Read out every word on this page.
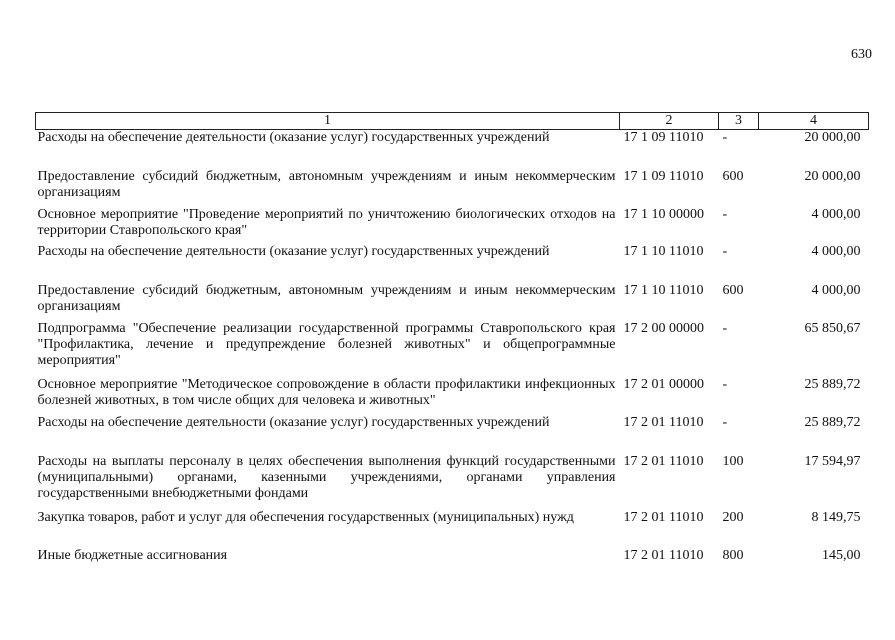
630
1	2	3	4
Расходы на обеспечение деятельности (оказание услуг) государственных учреждений	17 1 09 11010	-	20 000,00
Предоставление субсидий бюджетным, автономным учреждениям и иным некоммерческим организациям	17 1 09 11010	600	20 000,00
Основное мероприятие "Проведение мероприятий по уничтожению биологических отходов на территории Ставропольского края"	17 1 10 00000	-	4 000,00
Расходы на обеспечение деятельности (оказание услуг) государственных учреждений	17 1 10 11010	-	4 000,00
Предоставление субсидий бюджетным, автономным учреждениям и иным некоммерческим организациям	17 1 10 11010	600	4 000,00
Подпрограмма "Обеспечение реализации государственной программы Ставропольского края "Профилактика, лечение и предупреждение болезней животных" и общепрограммные мероприятия"	17 2 00 00000	-	65 850,67
Основное мероприятие "Методическое сопровождение в области профилактики инфекционных болезней животных, в том числе общих для человека и животных"	17 2 01 00000	-	25 889,72
Расходы на обеспечение деятельности (оказание услуг) государственных учреждений	17 2 01 11010	-	25 889,72
Расходы на выплаты персоналу в целях обеспечения выполнения функций государственными (муниципальными) органами, казенными учреждениями, органами управления государственными внебюджетными фондами	17 2 01 11010	100	17 594,97
Закупка товаров, работ и услуг для обеспечения государственных (муниципальных) нужд	17 2 01 11010	200	8 149,75
Иные бюджетные ассигнования	17 2 01 11010	800	145,00
